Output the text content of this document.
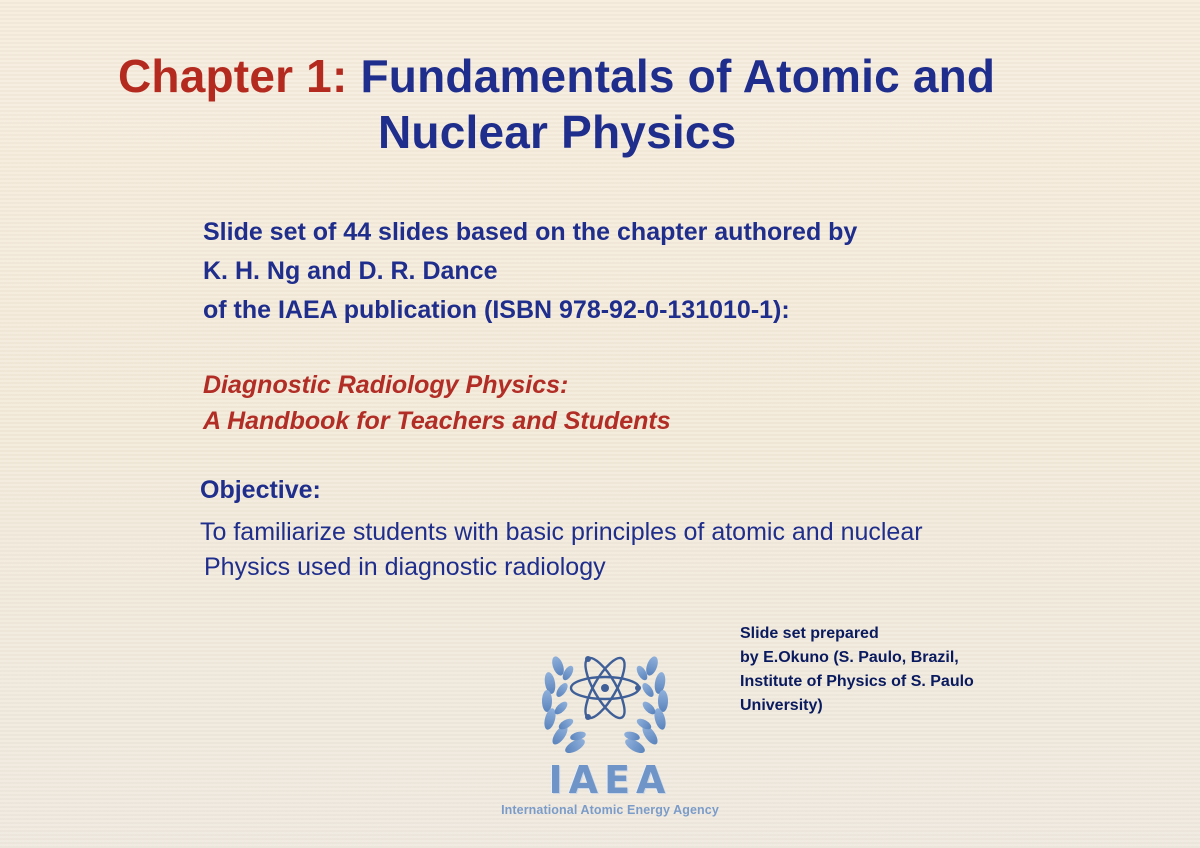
Chapter 1: Fundamentals of Atomic and
Nuclear Physics
Slide set of 44 slides based on the chapter authored by
K. H. Ng and D. R. Dance
of the IAEA publication (ISBN 978-92-0-131010-1):
Diagnostic Radiology Physics:
A Handbook for Teachers and Students
Objective:
To familiarize students with basic principles of atomic and nuclear
Physics used in diagnostic radiology
Slide set prepared
by E.Okuno (S. Paulo, Brazil,
Institute of Physics of S. Paulo
University)
IAEA
International Atomic Energy Agency
